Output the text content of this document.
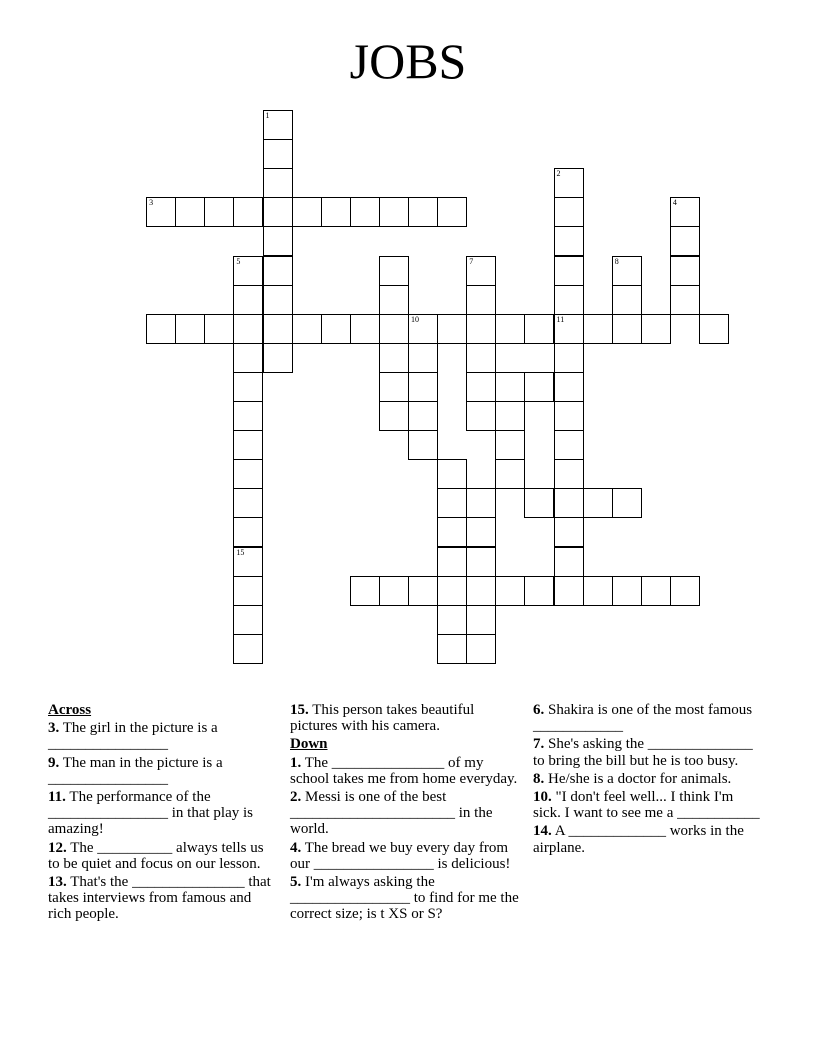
JOBS
1
2
11
4
7	8
10
3
5
15
Across
3. The girl in the picture is a ________________
9. The man in the picture is a ________________
11. The performance of the ________________ in that play is amazing!
12. The __________ always tells us to be quiet and focus on our lesson.
13. That's the _______________ that takes interviews from famous and rich people.
15. This person takes beautiful pictures with his camera.
Down
1. The _______________ of my school takes me from home everyday.
2. Messi is one of the best ______________________ in the world.
4. The bread we buy every day from our ________________ is delicious!
5. I'm always asking the ________________ to find for me the correct size; is t XS or S?
6. Shakira is one of the most famous ____________
7. She's asking the ______________ to bring the bill but he is too busy.
8. He/she is a doctor for animals.
10. "I don't feel well... I think I'm sick. I want to see me a ___________
14. A _____________ works in the airplane.
